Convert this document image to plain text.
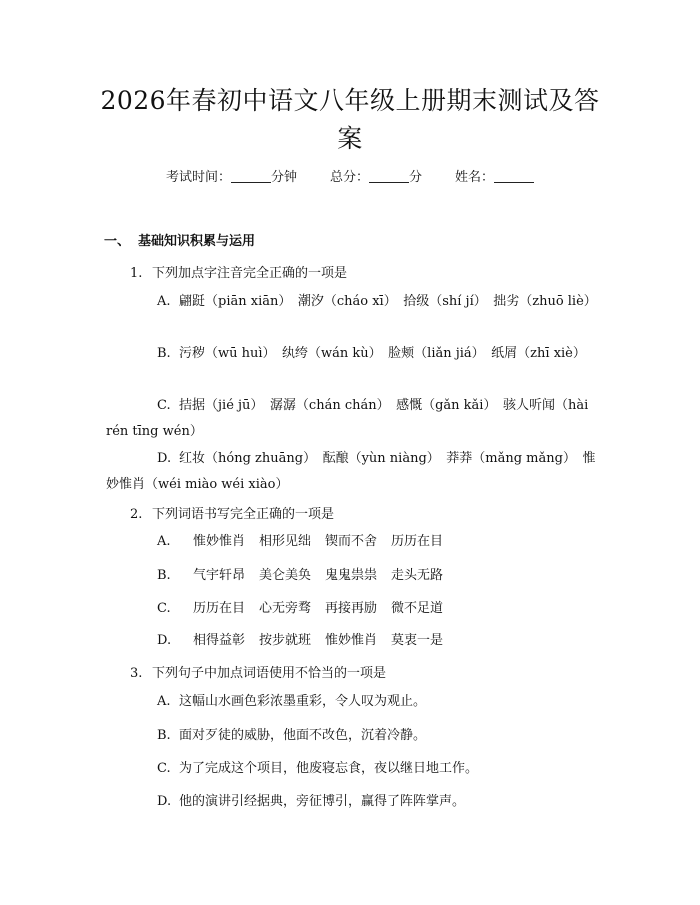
2026年春初中语文八年级上册期末测试及答案
考试时间：	分钟	总分：	分	姓名：
一、 基础知识积累与运用
1. 下列加点字注音完全正确的一项是
A. 翩跹（piān xiān）　潮汐（cháo xī）　拾级（shí jí）　拙劣（zhuō liè）
B. 污秽（wū huì）　纨绔（wán kù）　脸颊（liǎn jiá）　纸屑（zhī xiè）
C. 拮据（jié jū）　潺潺（chán chán）　感慨（gǎn kǎi）　骇人听闻（hài rén tīng wén）
D. 红妆（hóng zhuāng）　酝酿（yùn niàng）　莽莽（mǎng mǎng）　惟妙惟肖（wéi miào wéi xiào）
2. 下列词语书写完全正确的一项是
A. 惟妙惟肖 相形见绌 锲而不舍 历历在目
B. 气宇轩昂 美仑美奂 鬼鬼祟祟 走头无路
C. 历历在目 心无旁骛 再接再励 微不足道
D. 相得益彰 按步就班 惟妙惟肖 莫衷一是
3. 下列句子中加点词语使用不恰当的一项是
A. 这幅山水画色彩浓墨重彩，令人叹为观止。
B. 面对歹徒的威胁，他面不改色，沉着冷静。
C. 为了完成这个项目，他废寝忘食，夜以继日地工作。
D. 他的演讲引经据典，旁征博引，赢得了阵阵掌声。
